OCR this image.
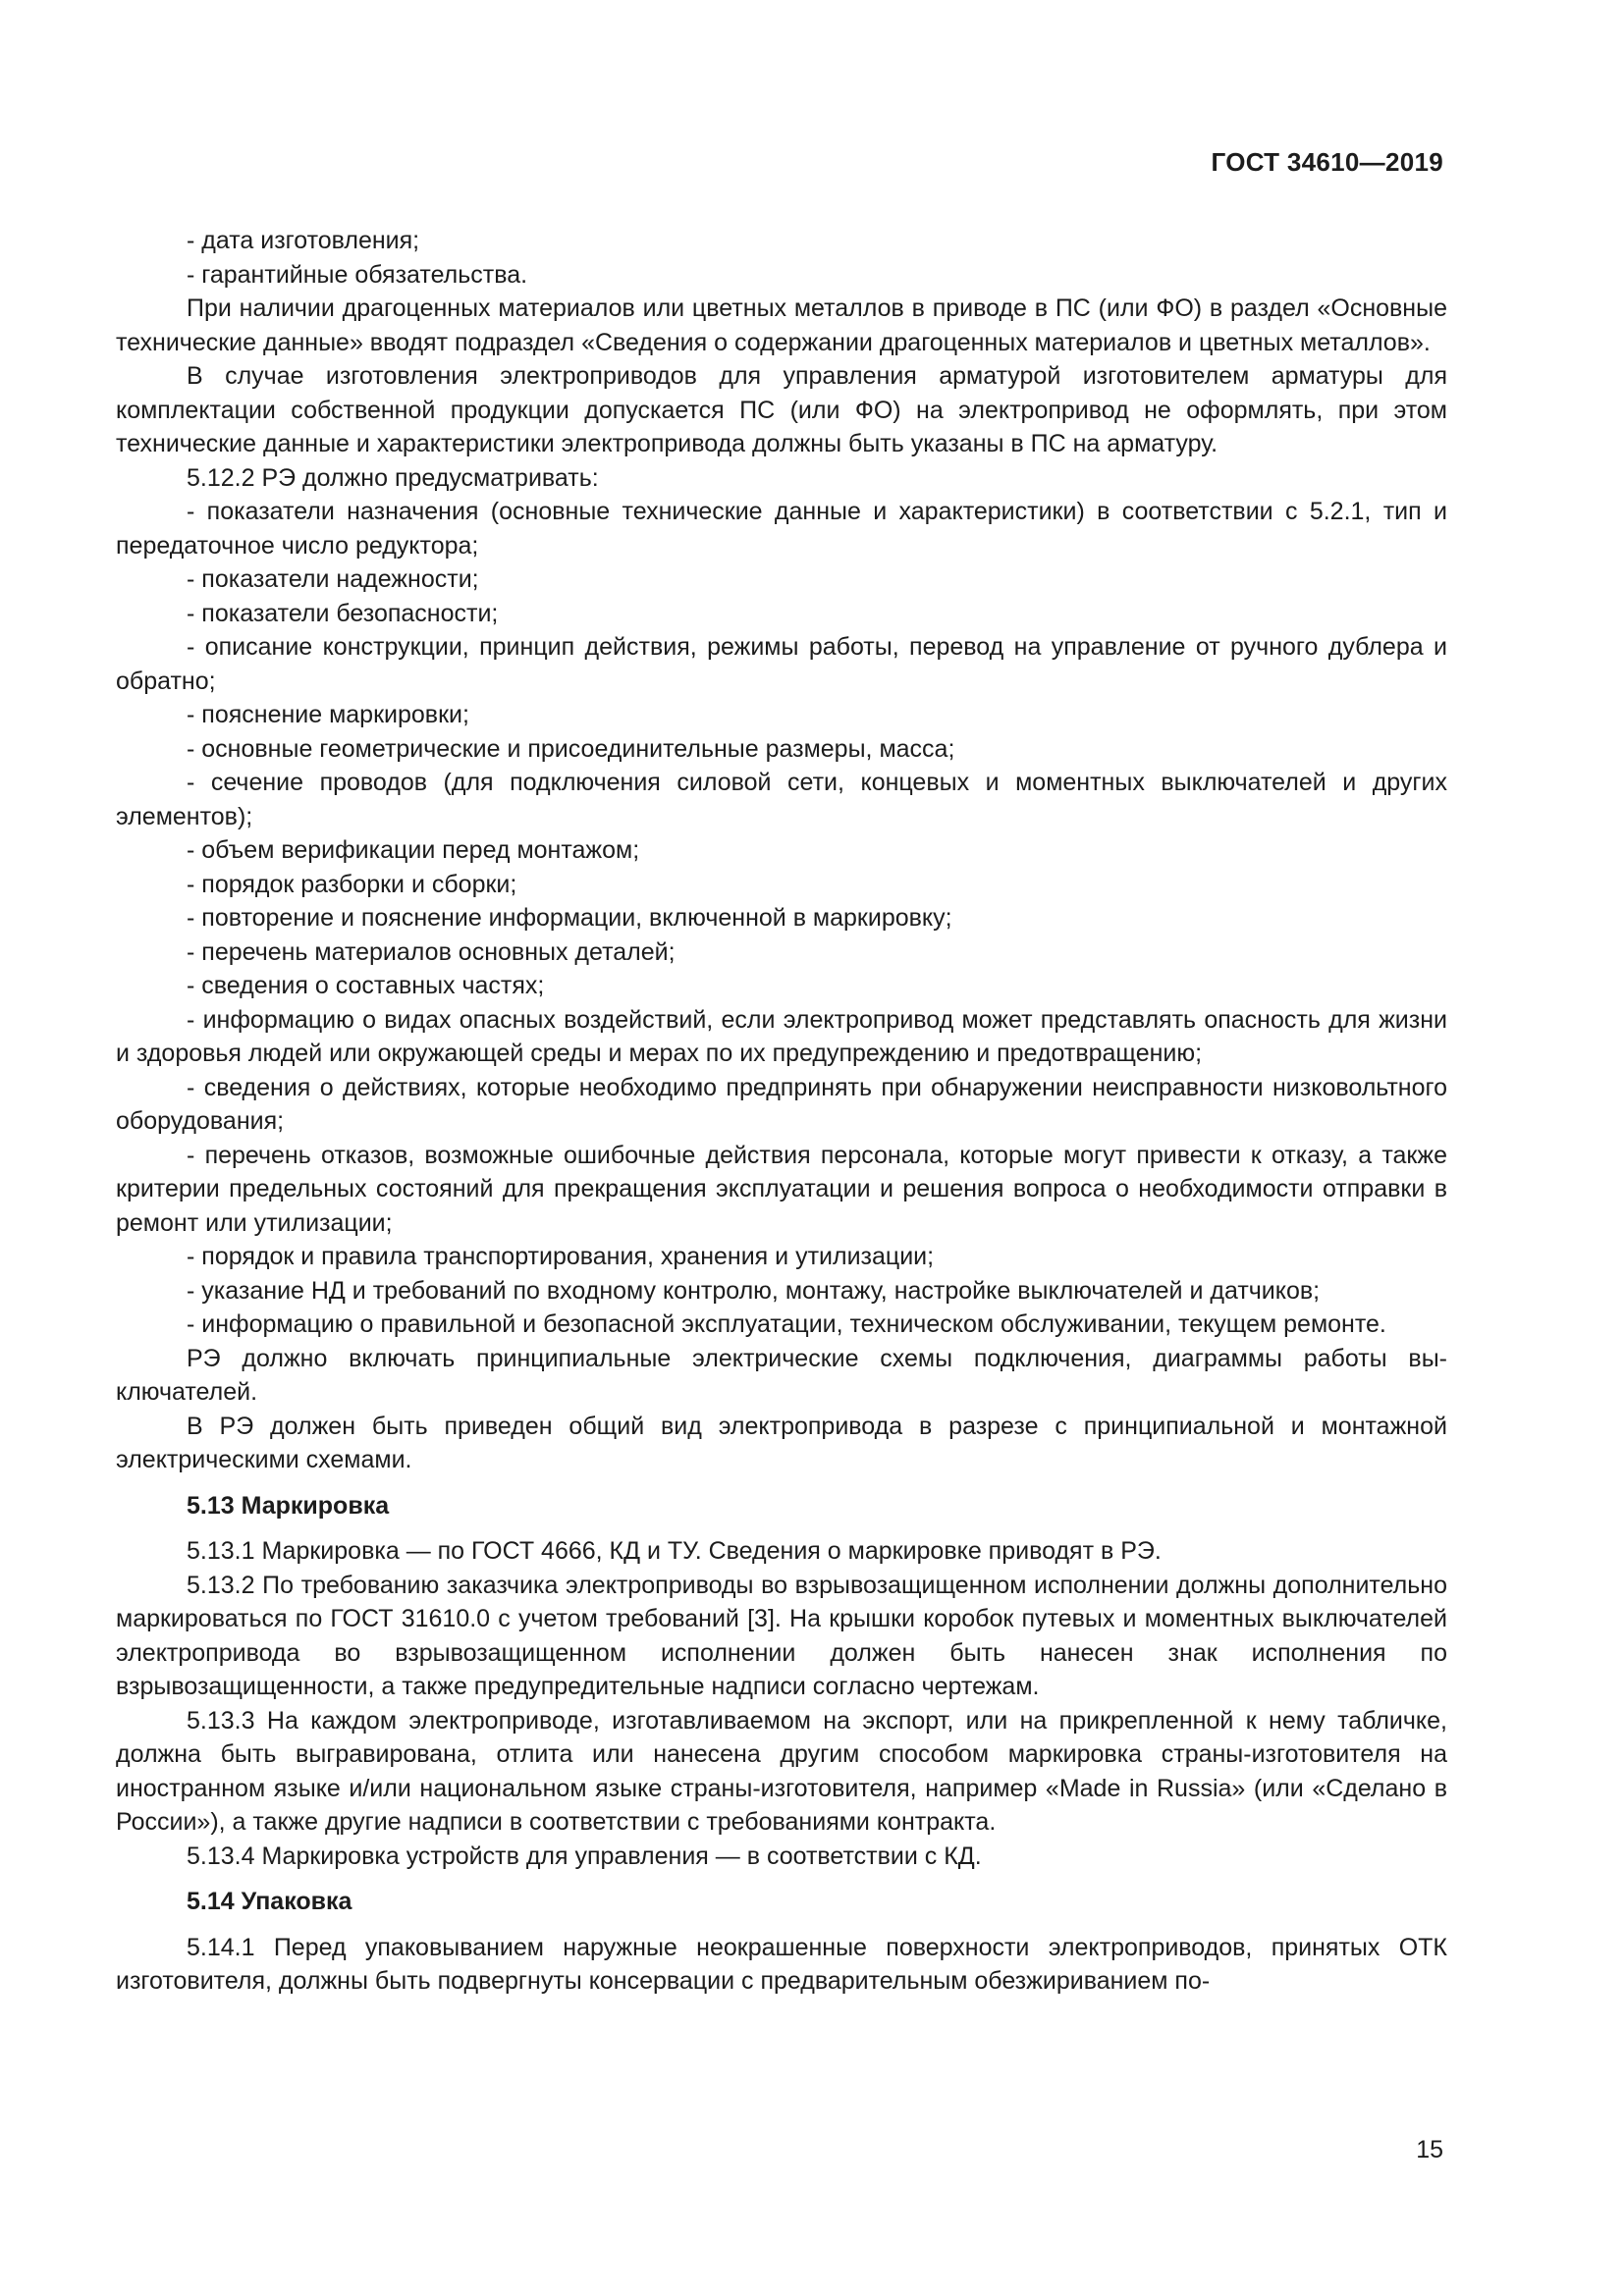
ГОСТ 34610—2019

- дата изготовления;

- гарантийные обязательства.

При наличии драгоценных материалов или цветных металлов в приводе в ПС (или ФО) в раздел «Основные технические данные» вводят подраздел «Сведения о содержании драгоценных материалов и цветных металлов».

В случае изготовления электроприводов для управления арматурой изготовителем арматуры для комплектации собственной продукции допускается ПС (или ФО) на электропривод не оформлять, при этом технические данные и характеристики электропривода должны быть указаны в ПС на арматуру.

5.12.2 РЭ должно предусматривать:

- показатели назначения (основные технические данные и характеристики) в соответствии с 5.2.1, тип и передаточное число редуктора;

- показатели надежности;

- показатели безопасности;

- описание конструкции, принцип действия, режимы работы, перевод на управление от ручного дублера и обратно;

- пояснение маркировки;

- основные геометрические и присоединительные размеры, масса;

- сечение проводов (для подключения силовой сети, концевых и моментных выключателей и других элементов);

- объем верификации перед монтажом;

- порядок разборки и сборки;

- повторение и пояснение информации, включенной в маркировку;

- перечень материалов основных деталей;

- сведения о составных частях;

- информацию о видах опасных воздействий, если электропривод может представлять опасность для жизни и здоровья людей или окружающей среды и мерах по их предупреждению и предотвращению;

- сведения о действиях, которые необходимо предпринять при обнаружении неисправности низковольтного оборудования;

- перечень отказов, возможные ошибочные действия персонала, которые могут привести к отказу, а также критерии предельных состояний для прекращения эксплуатации и решения вопроса о необходимости отправки в ремонт или утилизации;

- порядок и правила транспортирования, хранения и утилизации;

- указание НД и требований по входному контролю, монтажу, настройке выключателей и датчиков;

- информацию о правильной и безопасной эксплуатации, техническом обслуживании, текущем ремонте.

РЭ должно включать принципиальные электрические схемы подключения, диаграммы работы выключателей.

В РЭ должен быть приведен общий вид электропривода в разрезе с принципиальной и монтажной электрическими схемами.

5.13 Маркировка

5.13.1 Маркировка — по ГОСТ 4666, КД и ТУ. Сведения о маркировке приводят в РЭ.

5.13.2 По требованию заказчика электроприводы во взрывозащищенном исполнении должны дополнительно маркироваться по ГОСТ 31610.0 с учетом требований [3]. На крышки коробок путевых и моментных выключателей электропривода во взрывозащищенном исполнении должен быть нанесен знак исполнения по взрывозащищенности, а также предупредительные надписи согласно чертежам.

5.13.3 На каждом электроприводе, изготавливаемом на экспорт, или на прикрепленной к нему табличке, должна быть выгравирована, отлита или нанесена другим способом маркировка страны-изготовителя на иностранном языке и/или национальном языке страны-изготовителя, например «Made in Russia» (или «Сделано в России»), а также другие надписи в соответствии с требованиями контракта.

5.13.4 Маркировка устройств для управления — в соответствии с КД.

5.14 Упаковка

5.14.1 Перед упаковыванием наружные неокрашенные поверхности электроприводов, принятых ОТК изготовителя, должны быть подвергнуты консервации с предварительным обезжириванием по-

15
